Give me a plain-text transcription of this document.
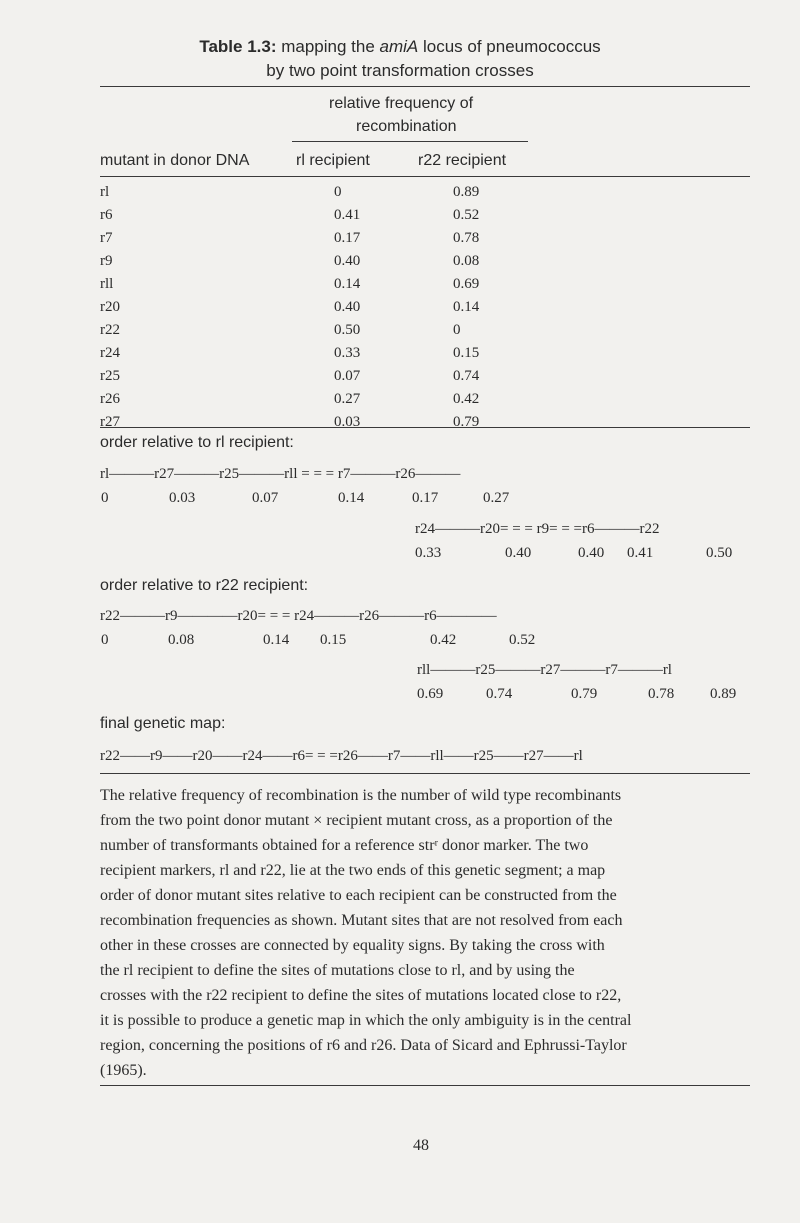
Table 1.3: mapping the amiA locus of pneumococcus
by two point transformation crosses
relative frequency of
recombination
mutant in donor DNA	rl recipient	r22 recipient
rl	0	0.89
r6	0.41	0.52
r7	0.17	0.78
r9	0.40	0.08
rll	0.14	0.69
r20	0.40	0.14
r22	0.50	0
r24	0.33	0.15
r25	0.07	0.74
r26	0.27	0.42
r27	0.03	0.79
order relative to rl recipient:
rl———r27———r25———rll = = = r7———r26———
0	0.03	0.07	0.14	0.17	0.27
r24———r20= = = r9= = =r6———r22
0.33	0.40	0.40 0.41	0.50
order relative to r22 recipient:
r22———r9————r20= = = r24———r26———r6————
0	0.08	0.14 0.15	0.42	0.52
rll———r25———r27———r7———rl
0.69	0.74	0.79	0.78 0.89
final genetic map:
r22——r9——r20——r24——r6= = =r26——r7——rll——r25——r27——rl
The relative frequency of recombination is the number of wild type recombinants
from the two point donor mutant × recipient mutant cross, as a proportion of the
number of transformants obtained for a reference strʳ donor marker. The two
recipient markers, rl and r22, lie at the two ends of this genetic segment; a map
order of donor mutant sites relative to each recipient can be constructed from the
recombination frequencies as shown. Mutant sites that are not resolved from each
other in these crosses are connected by equality signs. By taking the cross with
the rl recipient to define the sites of mutations close to rl, and by using the
crosses with the r22 recipient to define the sites of mutations located close to r22,
it is possible to produce a genetic map in which the only ambiguity is in the central
region, concerning the positions of r6 and r26. Data of Sicard and Ephrussi-Taylor
(1965).
48
